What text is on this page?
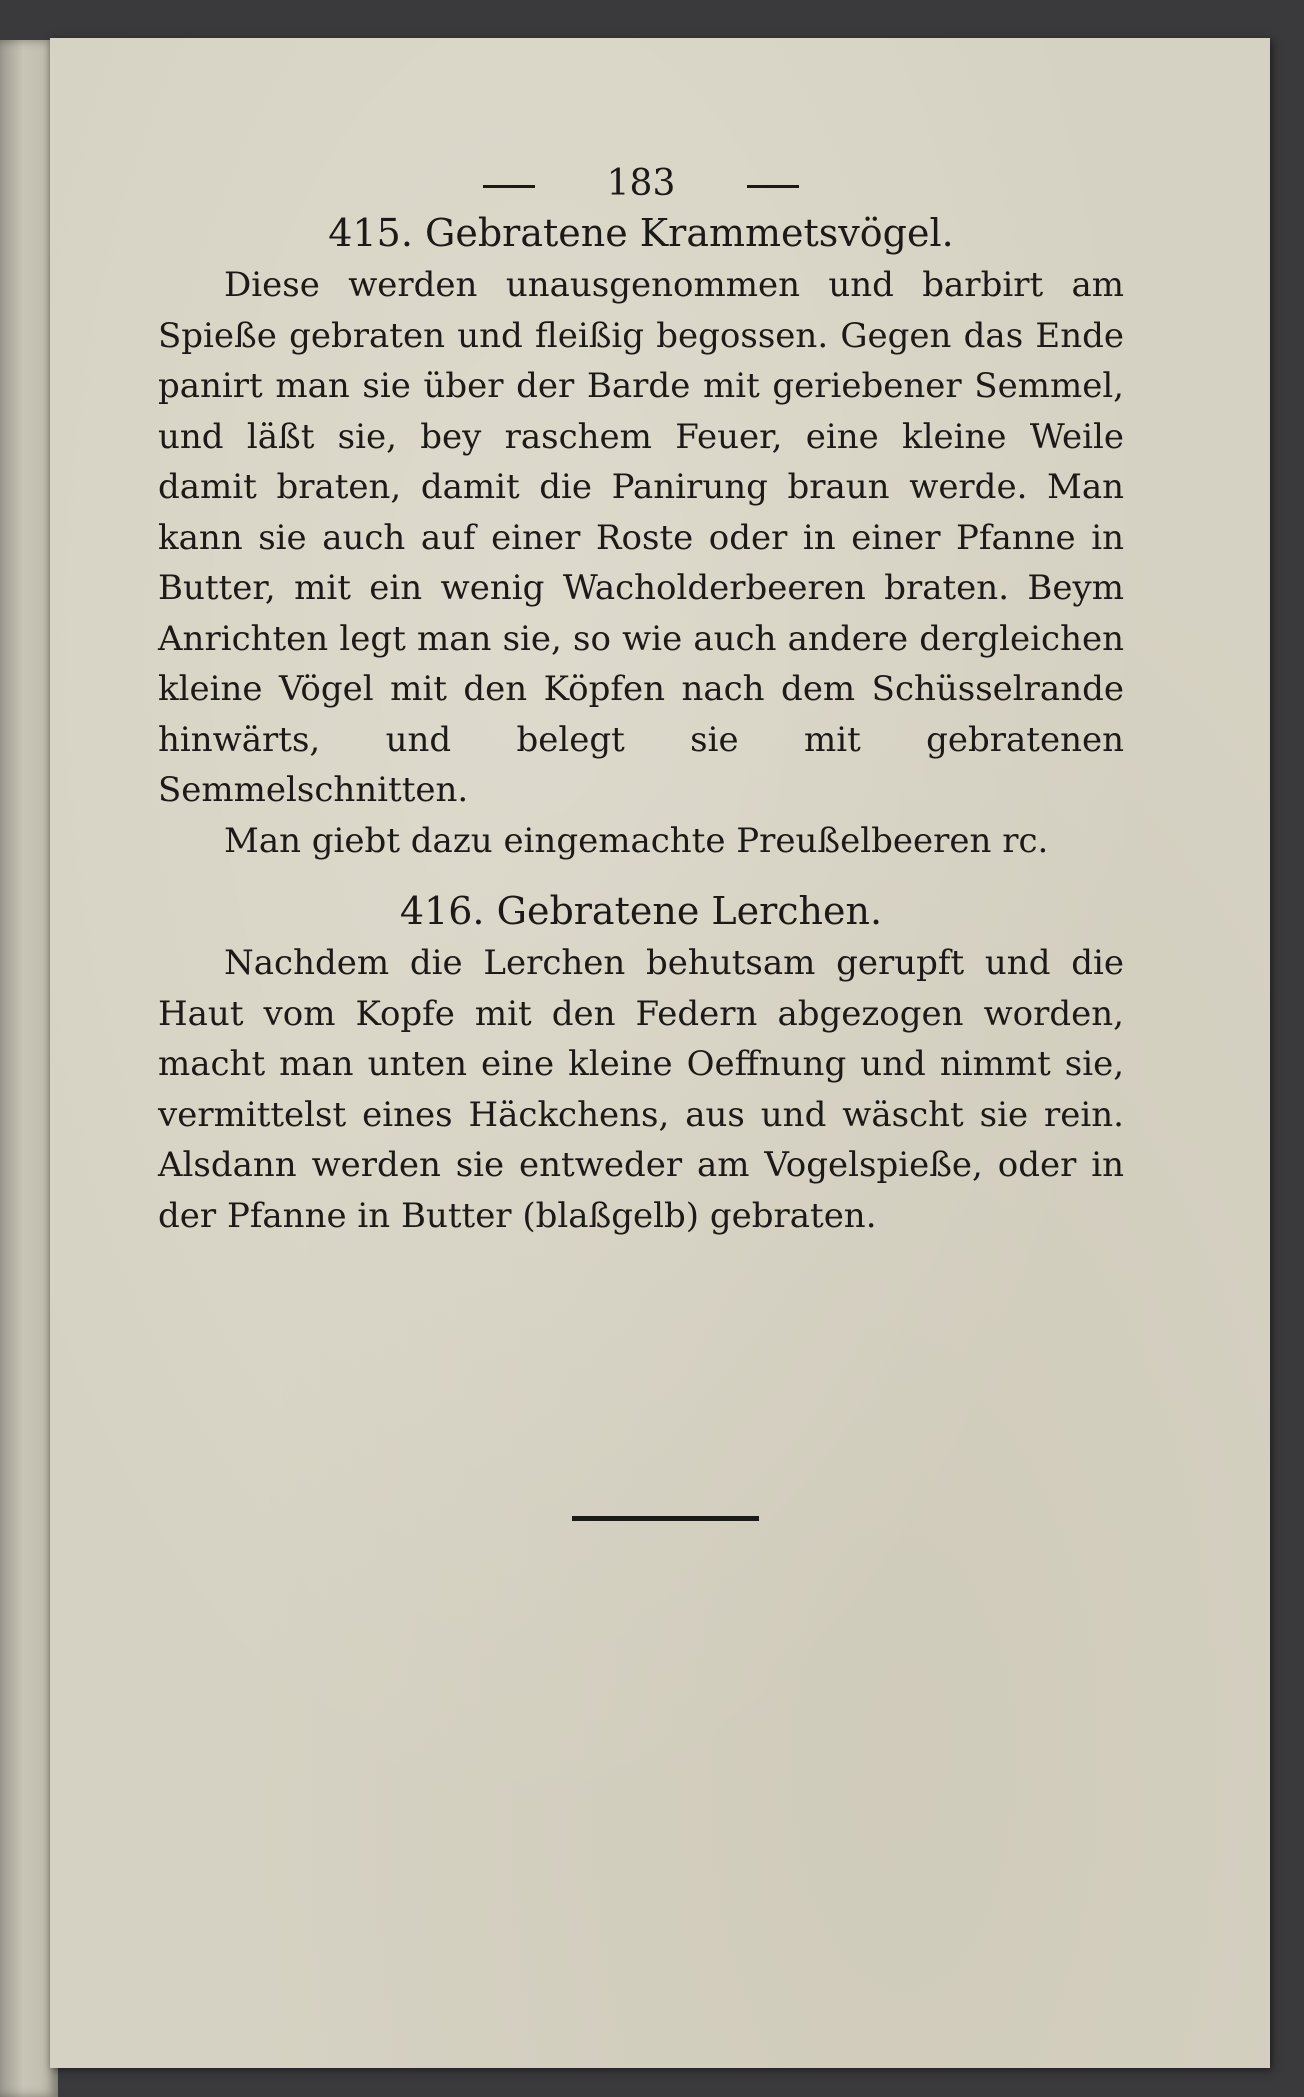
183
415. Gebratene Krammetsvögel.

Diese werden unausgenommen und barbirt am Spieße gebraten und fleißig begossen. Gegen das Ende panirt man sie über der Barde mit geriebener Semmel, und läßt sie, bey raschem Feuer, eine kleine Weile damit braten, damit die Panirung braun werde. Man kann sie auch auf einer Roste oder in einer Pfanne in Butter, mit ein wenig Wacholderbeeren braten. Beym Anrichten legt man sie, so wie auch andere dergleichen kleine Vögel mit den Köpfen nach dem Schüsselrande hinwärts, und belegt sie mit gebratenen Semmelschnitten.

Man giebt dazu eingemachte Preußelbeeren rc.

416. Gebratene Lerchen.

Nachdem die Lerchen behutsam gerupft und die Haut vom Kopfe mit den Federn abgezogen worden, macht man unten eine kleine Oeffnung und nimmt sie, vermittelst eines Häckchens, aus und wäscht sie rein. Alsdann werden sie entweder am Vogelspieße, oder in der Pfanne in Butter (blaßgelb) gebraten.
